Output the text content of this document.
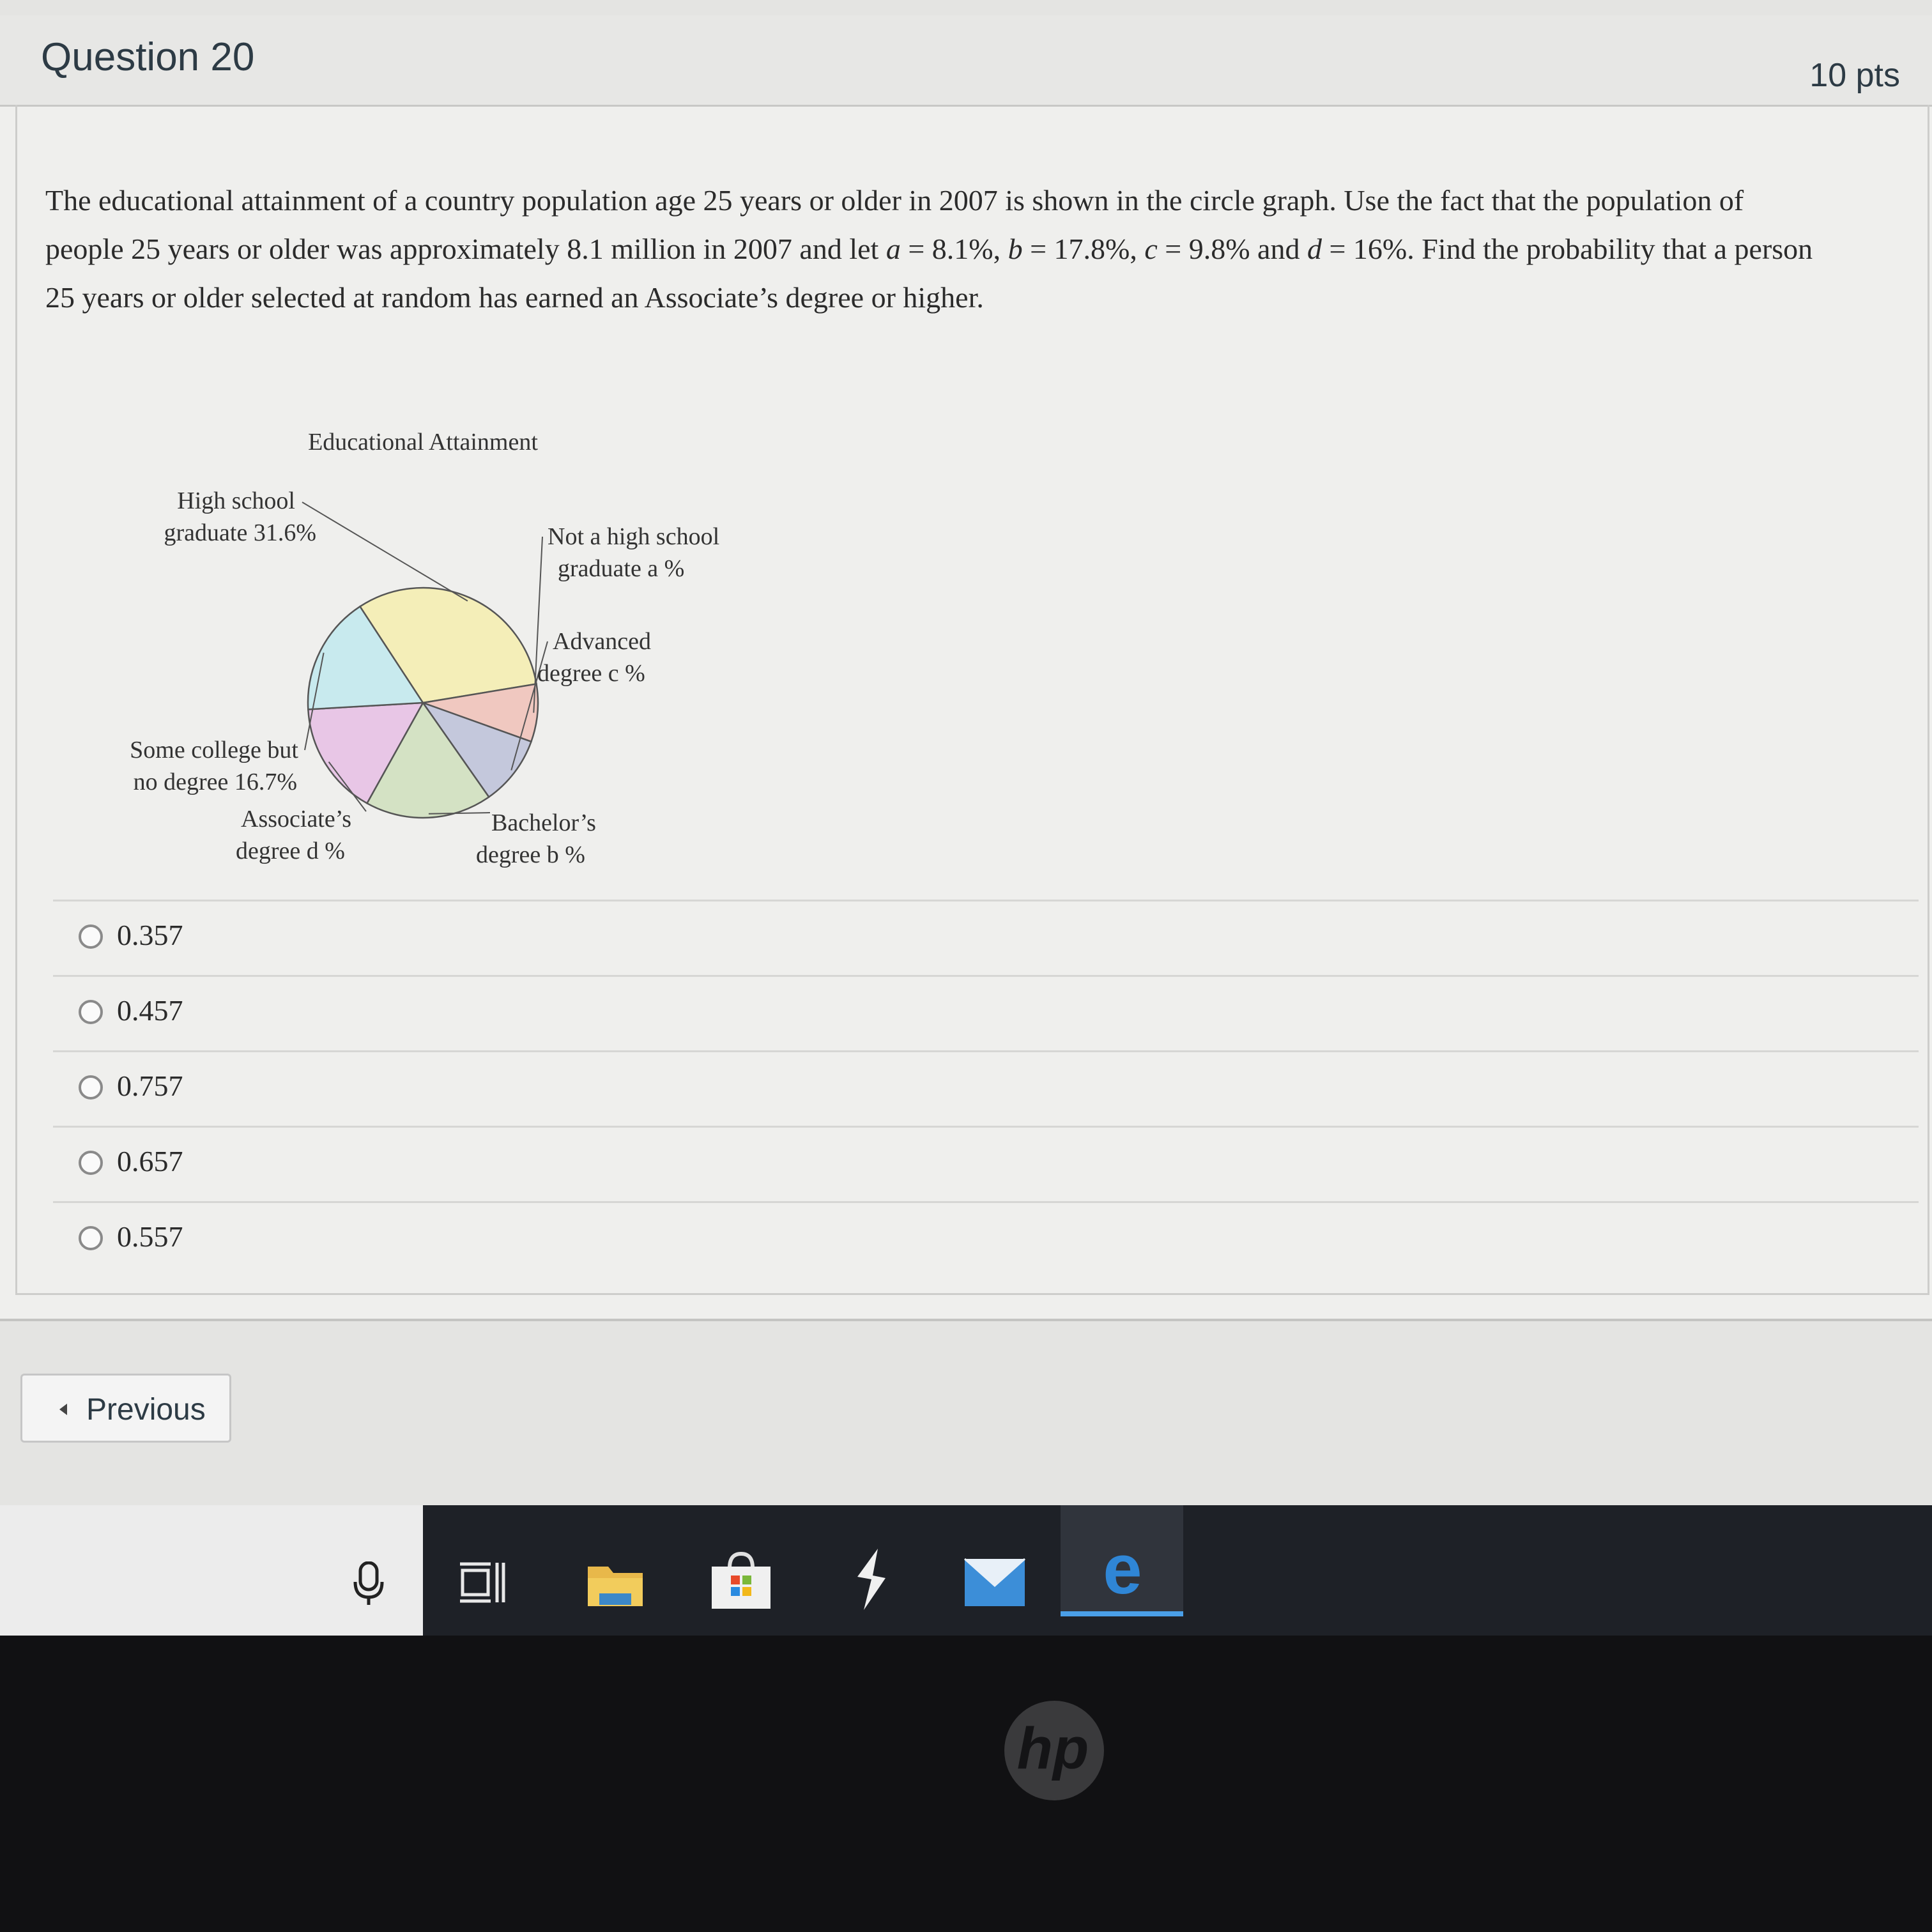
Question 20	10 pts
The educational attainment of a country population age 25 years or older in 2007 is shown in the circle graph. Use the fact that the population of
people 25 years or older was approximately 8.1 million in 2007 and let a = 8.1%, b = 17.8%, c = 9.8% and d = 16%. Find the probability that a person
25 years or older selected at random has earned an Associate’s degree or higher.
Educational Attainment
High school
graduate 31.6%	Not a high school
graduate a %
Advanced
degree c %
Bachelor’s
degree b %
Associate’s
degree d %
Some college but
no degree 16.7%
0.357
0.457
0.757
0.657
0.557
Previous
e
hp
